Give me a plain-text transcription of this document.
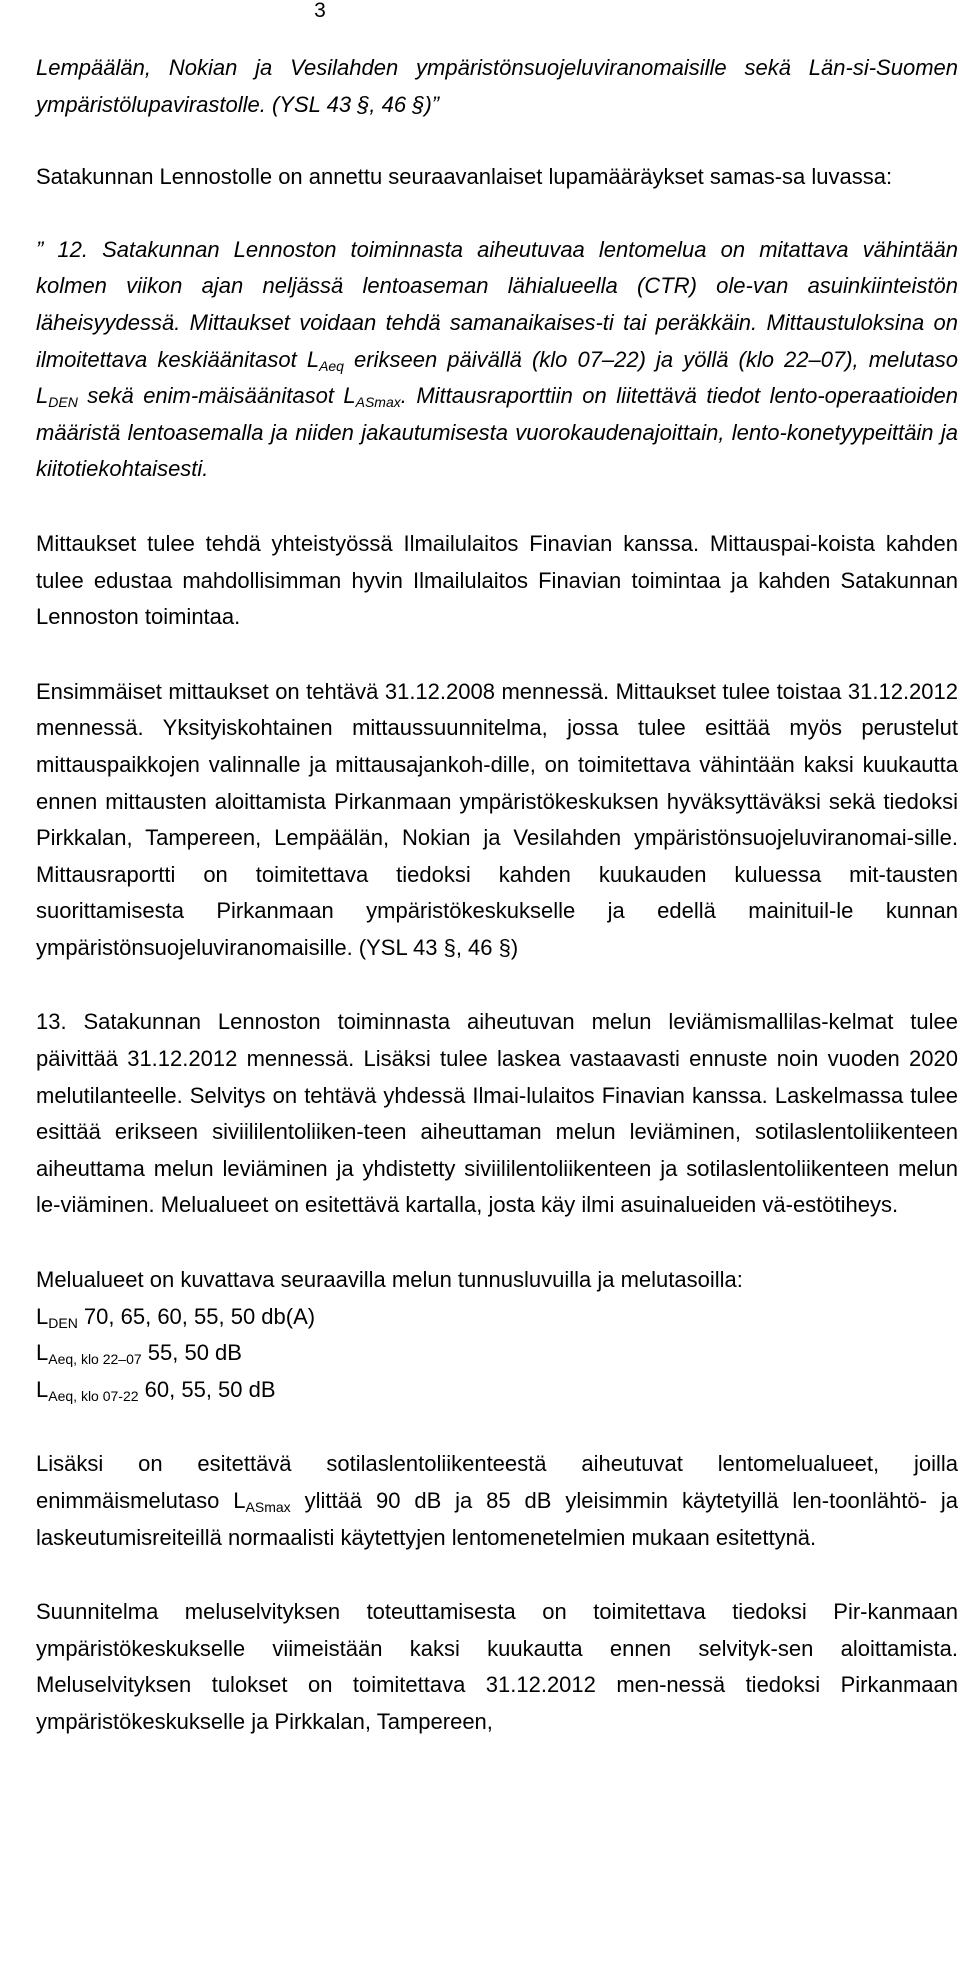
3

Lempäälän, Nokian ja Vesilahden ympäristönsuojeluviranomaisille sekä Län-si-Suomen ympäristölupavirastolle. (YSL 43 §, 46 §)”

Satakunnan Lennostolle on annettu seuraavanlaiset lupamääräykset samas-sa luvassa:

” 12. Satakunnan Lennoston toiminnasta aiheutuvaa lentomelua on mitattava vähintään kolmen viikon ajan neljässä lentoaseman lähialueella (CTR) ole-van asuinkiinteistön läheisyydessä. Mittaukset voidaan tehdä samanaikaises-ti tai peräkkäin. Mittaustuloksina on ilmoitettava keskiäänitasot $L_{Aeq}$ erikseen päivällä (klo 07–22) ja yöllä (klo 22–07), melutaso $L_{DEN}$ sekä enim-mäisäänitasot $L_{ASmax}$. Mittausraporttiin on liitettävä tiedot lento-operaatioiden määristä lentoasemalla ja niiden jakautumisesta vuorokaudenajoittain, lento-konetyypeittäin ja kiitotiekohtaisesti.

Mittaukset tulee tehdä yhteistyössä Ilmailulaitos Finavian kanssa. Mittauspai-koista kahden tulee edustaa mahdollisimman hyvin Ilmailulaitos Finavian toimintaa ja kahden Satakunnan Lennoston toimintaa.

Ensimmäiset mittaukset on tehtävä 31.12.2008 mennessä. Mittaukset tulee toistaa 31.12.2012 mennessä. Yksityiskohtainen mittaussuunnitelma, jossa tulee esittää myös perustelut mittauspaikkojen valinnalle ja mittausajankoh-dille, on toimitettava vähintään kaksi kuukautta ennen mittausten aloittamista Pirkanmaan ympäristökeskuksen hyväksyttäväksi sekä tiedoksi Pirkkalan, Tampereen, Lempäälän, Nokian ja Vesilahden ympäristönsuojeluviranomai-sille. Mittausraportti on toimitettava tiedoksi kahden kuukauden kuluessa mit-tausten suorittamisesta Pirkanmaan ympäristökeskukselle ja edellä mainituil-le kunnan ympäristönsuojeluviranomaisille. (YSL 43 §, 46 §)

13. Satakunnan Lennoston toiminnasta aiheutuvan melun leviämismallilas-kelmat tulee päivittää 31.12.2012 mennessä. Lisäksi tulee laskea vastaavasti ennuste noin vuoden 2020 melutilanteelle. Selvitys on tehtävä yhdessä Ilmai-lulaitos Finavian kanssa. Laskelmassa tulee esittää erikseen siviililentoliiken-teen aiheuttaman melun leviäminen, sotilaslentoliikenteen aiheuttama melun leviäminen ja yhdistetty siviililentoliikenteen ja sotilaslentoliikenteen melun le-viäminen. Melualueet on esitettävä kartalla, josta käy ilmi asuinalueiden vä-estötiheys.

Melualueet on kuvattava seuraavilla melun tunnusluvuilla ja melutasoilla:
$L_{DEN}$ 70, 65, 60, 55, 50 db(A)
$L_{Aeq, klo 22-07}$ 55, 50 dB
$L_{Aeq, klo 07-22}$ 60, 55, 50 dB

Lisäksi on esitettävä sotilaslentoliikenteestä aiheutuvat lentomelualueet, joilla enimmäismelutaso $L_{ASmax}$ ylittää 90 dB ja 85 dB yleisimmin käytetyillä len-toonlähtö- ja laskeutumisreiteillä normaalisti käytettyjen lentomenetelmien mukaan esitettynä.

Suunnitelma meluselvityksen toteuttamisesta on toimitettava tiedoksi Pir-kanmaan ympäristökeskukselle viimeistään kaksi kuukautta ennen selvityk-sen aloittamista. Meluselvityksen tulokset on toimitettava 31.12.2012 men-nessä tiedoksi Pirkanmaan ympäristökeskukselle ja Pirkkalan, Tampereen,
